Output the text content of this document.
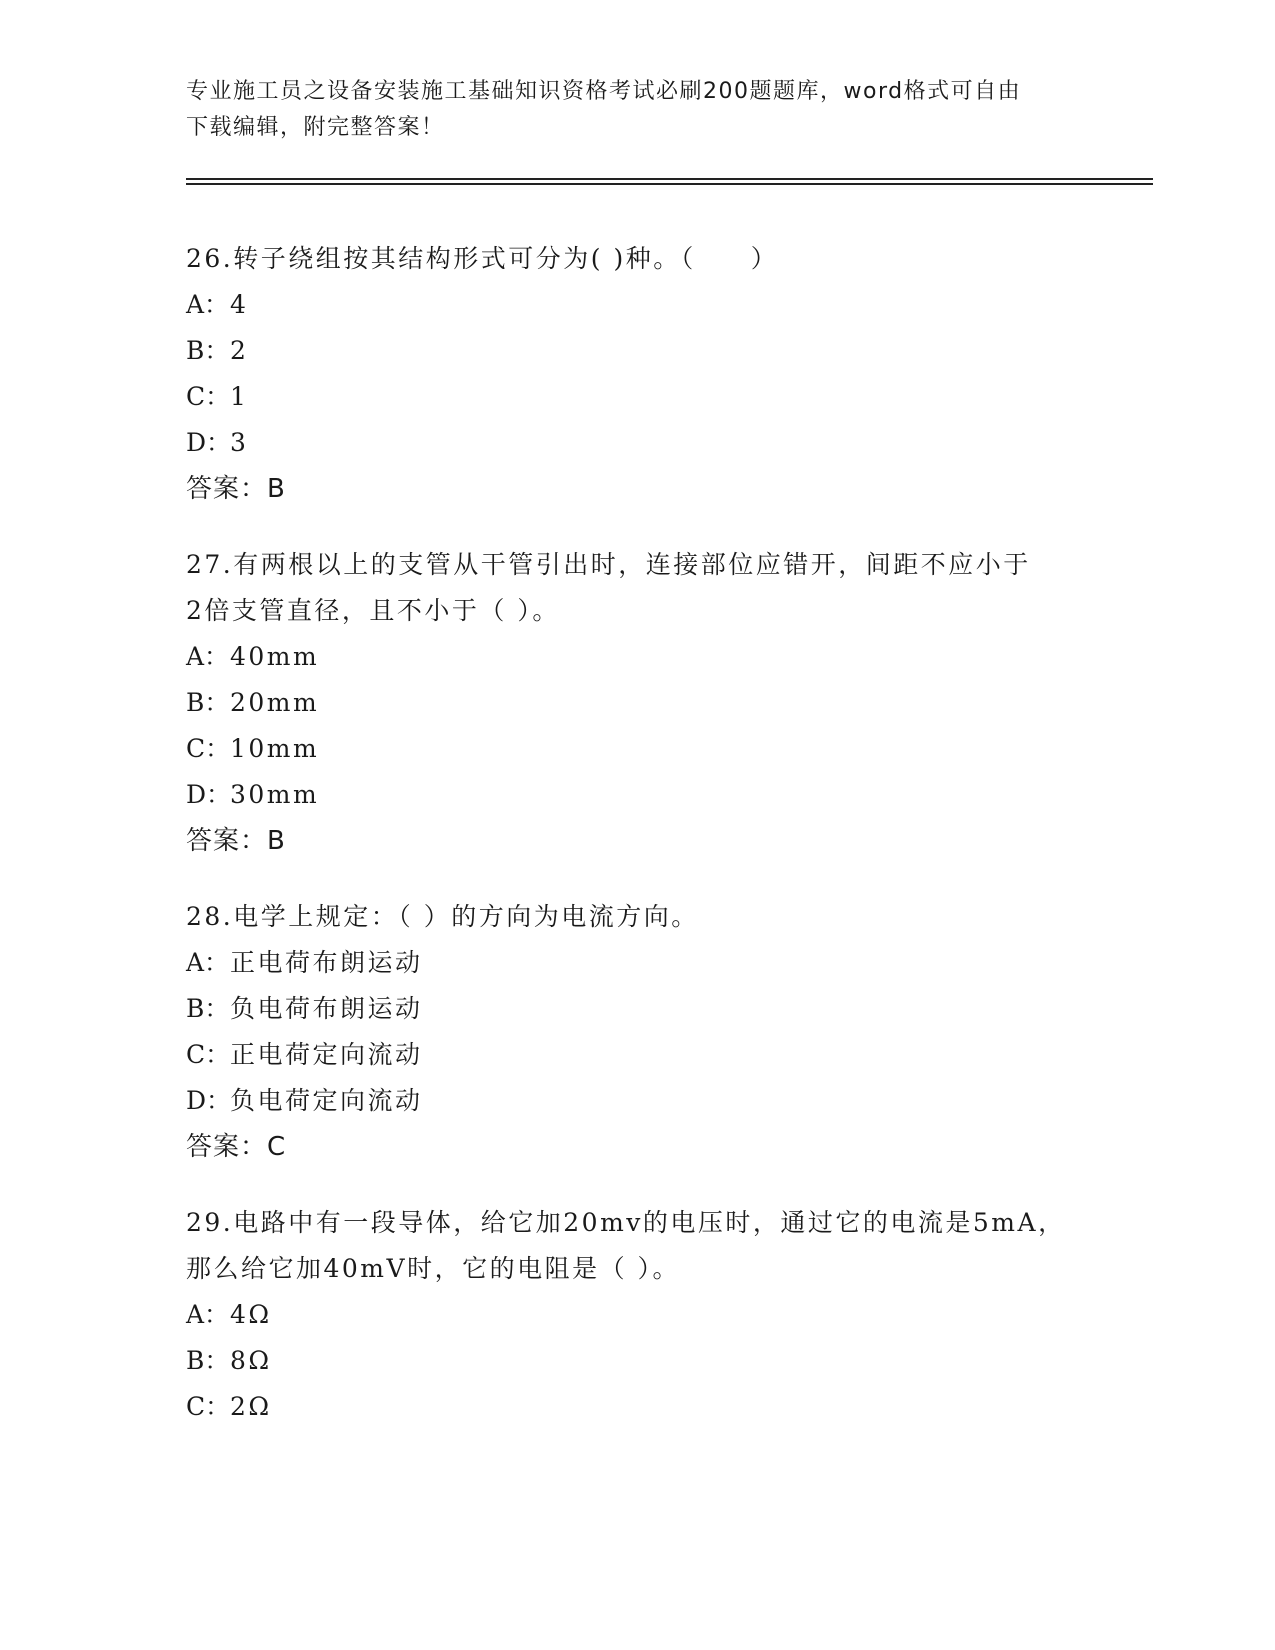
专业施工员之设备安装施工基础知识资格考试必刷200题题库，word格式可自由
下载编辑，附完整答案！

26.转子绕组按其结构形式可分为( )种。（　　）

A： 4
B： 2
C： 1
D：
3
答案：B

27.有两根以上的支管从干管引出时，连接部位应错开，间距不应小于

2倍支管直径，且不小于（ ）。

A： 40mm
B： 20mm
C： 10mm
D：
30mm
答案：B

28.电学上规定：（ ）的方向为电流方向。

A： 正电荷布朗运动
B： 负电荷布朗运动
C： 正电荷定向流动
D：
负电荷定向流动
答案：C

29.电路中有一段导体，给它加20mv的电压时，通过它的电流是5mA，

那么给它加40mV时，它的电阻是（ ）。

A： 4Ω
B： 8Ω
C： 2Ω
